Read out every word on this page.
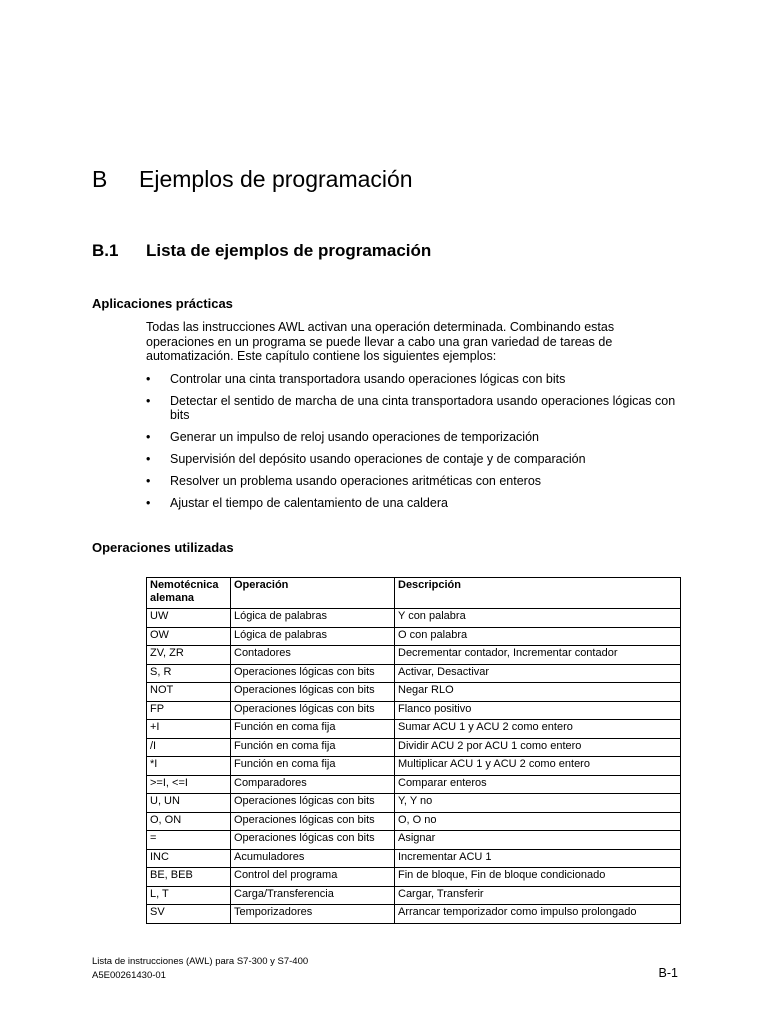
B Ejemplos de programación
B.1 Lista de ejemplos de programación
Aplicaciones prácticas
Todas las instrucciones AWL activan una operación determinada. Combinando estas operaciones en un programa se puede llevar a cabo una gran variedad de tareas de automatización. Este capítulo contiene los siguientes ejemplos:
• Controlar una cinta transportadora usando operaciones lógicas con bits
• Detectar el sentido de marcha de una cinta transportadora usando operaciones lógicas con bits
• Generar un impulso de reloj usando operaciones de temporización
• Supervisión del depósito usando operaciones de contaje y de comparación
• Resolver un problema usando operaciones aritméticas con enteros
• Ajustar el tiempo de calentamiento de una caldera
Operaciones utilizadas
Nemotécnica alemana	Operación	Descripción
UW	Lógica de palabras	Y con palabra
OW	Lógica de palabras	O con palabra
ZV, ZR	Contadores	Decrementar contador, Incrementar contador
S, R	Operaciones lógicas con bits	Activar, Desactivar
NOT	Operaciones lógicas con bits	Negar RLO
FP	Operaciones lógicas con bits	Flanco positivo
+I	Función en coma fija	Sumar ACU 1 y ACU 2 como entero
/I	Función en coma fija	Dividir ACU 2 por ACU 1 como entero
*I	Función en coma fija	Multiplicar ACU 1 y ACU 2 como entero
>=I, <=I	Comparadores	Comparar enteros
U, UN	Operaciones lógicas con bits	Y, Y no
O, ON	Operaciones lógicas con bits	O, O no
=	Operaciones lógicas con bits	Asignar
INC	Acumuladores	Incrementar ACU 1
BE, BEB	Control del programa	Fin de bloque, Fin de bloque condicionado
L, T	Carga/Transferencia	Cargar, Transferir
SV	Temporizadores	Arrancar temporizador como impulso prolongado
Lista de instrucciones (AWL) para S7-300 y S7-400
A5E00261430-01	B-1
